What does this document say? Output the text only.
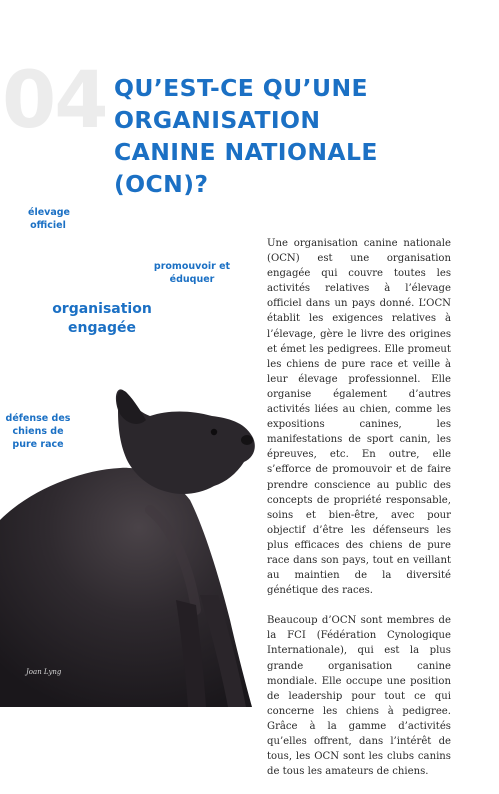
04 QU’EST-CE QU’UNE
ORGANISATION
CANINE NATIONALE
(OCN)?

élevage officiel

promouvoir et éduquer

organisation engagée

défense des chiens de pure race

Une organisation canine nationale (OCN) est une organisation engagée qui couvre toutes les activités relatives à l’élevage officiel dans un pays donné. L’OCN établit les exigences relatives à l’élevage, gère le livre des origines et émet les pedigrees. Elle promeut les chiens de pure race et veille à leur élevage professionnel. Elle organise également d’autres activités liées au chien, comme les expositions canines, les manifestations de sport canin, les épreuves, etc. En outre, elle s’efforce de promouvoir et de faire prendre conscience au public des concepts de propriété responsable, soins et bien-être, avec pour objectif d’être les défenseurs les plus efficaces des chiens de pure race dans son pays, tout en veillant au maintien de la diversité génétique des races.

Beaucoup d’OCN sont membres de la FCI (Fédération Cynologique Internationale), qui est la plus grande organisation canine mondiale. Elle occupe une position de leadership pour tout ce qui concerne les chiens à pedigree. Grâce à la gamme d’activités qu’elles offrent, dans l’intérêt de tous, les OCN sont les clubs canins de tous les amateurs de chiens.

Joan Lyng
